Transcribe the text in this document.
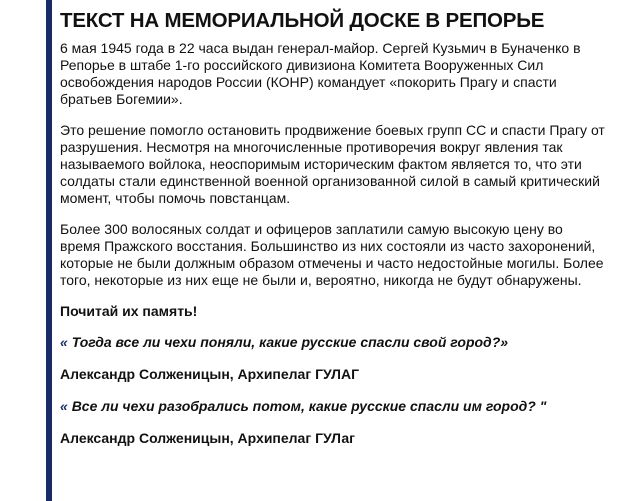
ТЕКСТ НА МЕМОРИАЛЬНОЙ ДОСКЕ В РЕПОРЬЕ

6 мая 1945 года в 22 часа выдан генерал-майор. Сергей Кузьмич в Буначенко в Репорье в штабе 1-го российского дивизиона Комитета Вооруженных Сил освобождения народов России (КОНР) командует «покорить Прагу и спасти братьев Богемии».

Это решение помогло остановить продвижение боевых групп СС и спасти Прагу от разрушения. Несмотря на многочисленные противоречия вокруг явления так называемого войлока, неоспоримым историческим фактом является то, что эти солдаты стали единственной военной организованной силой в самый критический момент, чтобы помочь повстанцам.

Более 300 волосяных солдат и офицеров заплатили самую высокую цену во время Пражского восстания. Большинство из них состояли из часто захоронений, которые не были должным образом отмечены и часто недостойные могилы. Более того, некоторые из них еще не были и, вероятно, никогда не будут обнаружены.

Почитай их память!

« Тогда все ли чехи поняли, какие русские спасли свой город?»

Александр Солженицын, Архипелаг ГУЛАГ

« Все ли чехи разобрались потом, какие русские спасли им город? "

Александр Солженицын, Архипелаг ГУЛаг
